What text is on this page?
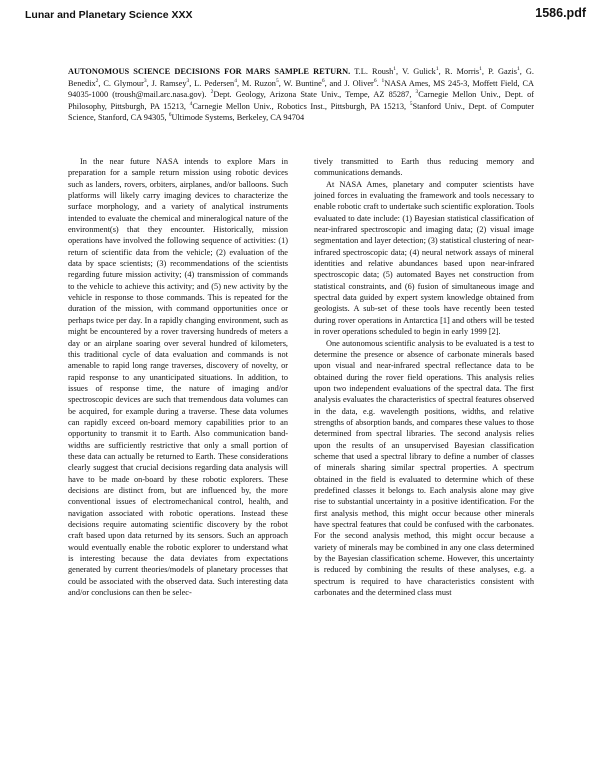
Lunar and Planetary Science XXX	1586.pdf
AUTONOMOUS SCIENCE DECISIONS FOR MARS SAMPLE RETURN. T.L. Roush$^1$, V. Gulick$^1$, R. Morris$^1$, P. Gazis$^1$, G. Benedix$^2$, C. Glymour$^3$, J. Ramsey$^3$, L. Pedersen$^4$, M. Ruzon$^5$, W. Buntine$^6$, and J. Oliver$^6$. $^1$NASA Ames, MS 245-3, Moffett Field, CA 94035-1000 (troush@mail.arc.nasa.gov). $^2$Dept. Geology, Arizona State Univ., Tempe, AZ 85287, $^3$Carnegie Mellon Univ., Dept. of Philosophy, Pittsburgh, PA 15213, $^4$Carnegie Mellon Univ., Robotics Inst., Pittsburgh, PA 15213, $^5$Stanford Univ., Dept. of Computer Science, Stanford, CA 94305, $^6$Ultimode Systems, Berkeley, CA 94704

In the near future NASA intends to explore Mars in preparation for a sample return mission using robotic devices such as landers, rovers, orbiters, airplanes, and/or balloons. Such platforms will likely carry imaging devices to characterize the surface morphology, and a variety of analytical instruments intended to evaluate the chemical and mineralogical nature of the environment(s) that they encounter. Historically, mission operations have involved the following sequence of activities: (1) return of scientific data from the vehicle; (2) evaluation of the data by space scientists; (3) recommendations of the scientists regarding future mission activity; (4) transmission of commands to the vehicle to achieve this activity; and (5) new activity by the vehicle in response to those commands. This is repeated for the duration of the mission, with command opportunities once or perhaps twice per day. In a rapidly changing environment, such as might be encountered by a rover traversing hundreds of meters a day or an airplane soaring over several hundred of kilometers, this traditional cycle of data evaluation and commands is not amenable to rapid long range traverses, discovery of novelty, or rapid response to any unanticipated situations. In addition, to issues of response time, the nature of imaging and/or spectroscopic devices are such that tremendous data volumes can be acquired, for example during a traverse. These data volumes can rapidly exceed on-board memory capabilities prior to an opportunity to transmit it to Earth. Also communication band-widths are sufficiently restrictive that only a small portion of these data can actually be returned to Earth. These considerations clearly suggest that crucial decisions regarding data analysis will have to be made on-board by these robotic explorers. These decisions are distinct from, but are influenced by, the more conventional issues of electromechanical control, health, and navigation associated with robotic operations. Instead these decisions require automating scientific discovery by the robot craft based upon data returned by its sensors. Such an approach would eventually enable the robotic explorer to understand what is interesting because the data deviates from expectations generated by current theories/models of planetary processes that could be associated with the observed data. Such interesting data and/or conclusions can then be selec-

tively transmitted to Earth thus reducing memory and communications demands.

At NASA Ames, planetary and computer scientists have joined forces in evaluating the framework and tools necessary to enable robotic craft to undertake such scientific exploration. Tools evaluated to date include: (1) Bayesian statistical classification of near-infrared spectroscopic and imaging data; (2) visual image segmentation and layer detection; (3) statistical clustering of near-infrared spectroscopic data; (4) neural network assays of mineral identities and relative abundances based upon near-infrared spectroscopic data; (5) automated Bayes net construction from statistical constraints, and (6) fusion of simultaneous image and spectral data guided by expert system knowledge obtained from geologists. A sub-set of these tools have recently been tested during rover operations in Antarctica [1] and others will be tested in rover operations scheduled to begin in early 1999 [2].

One autonomous scientific analysis to be evaluated is a test to determine the presence or absence of carbonate minerals based upon visual and near-infrared spectral reflectance data to be obtained during the rover field operations. This analysis relies upon two independent evaluations of the spectral data. The first analysis evaluates the characteristics of spectral features observed in the data, e.g. wavelength positions, widths, and relative strengths of absorption bands, and compares these values to those determined from spectral libraries. The second analysis relies upon the results of an unsupervised Bayesian classification scheme that used a spectral library to define a number of classes of minerals sharing similar spectral properties. A spectrum obtained in the field is evaluated to determine which of these predefined classes it belongs to. Each analysis alone may give rise to substantial uncertainty in a positive identification. For the first analysis method, this might occur because other minerals have spectral features that could be confused with the carbonates. For the second analysis method, this might occur because a variety of minerals may be combined in any one class determined by the Bayesian classification scheme. However, this uncertainty is reduced by combining the results of these analyses, e.g. a spectrum is required to have characteristics consistent with carbonates and the determined class must
